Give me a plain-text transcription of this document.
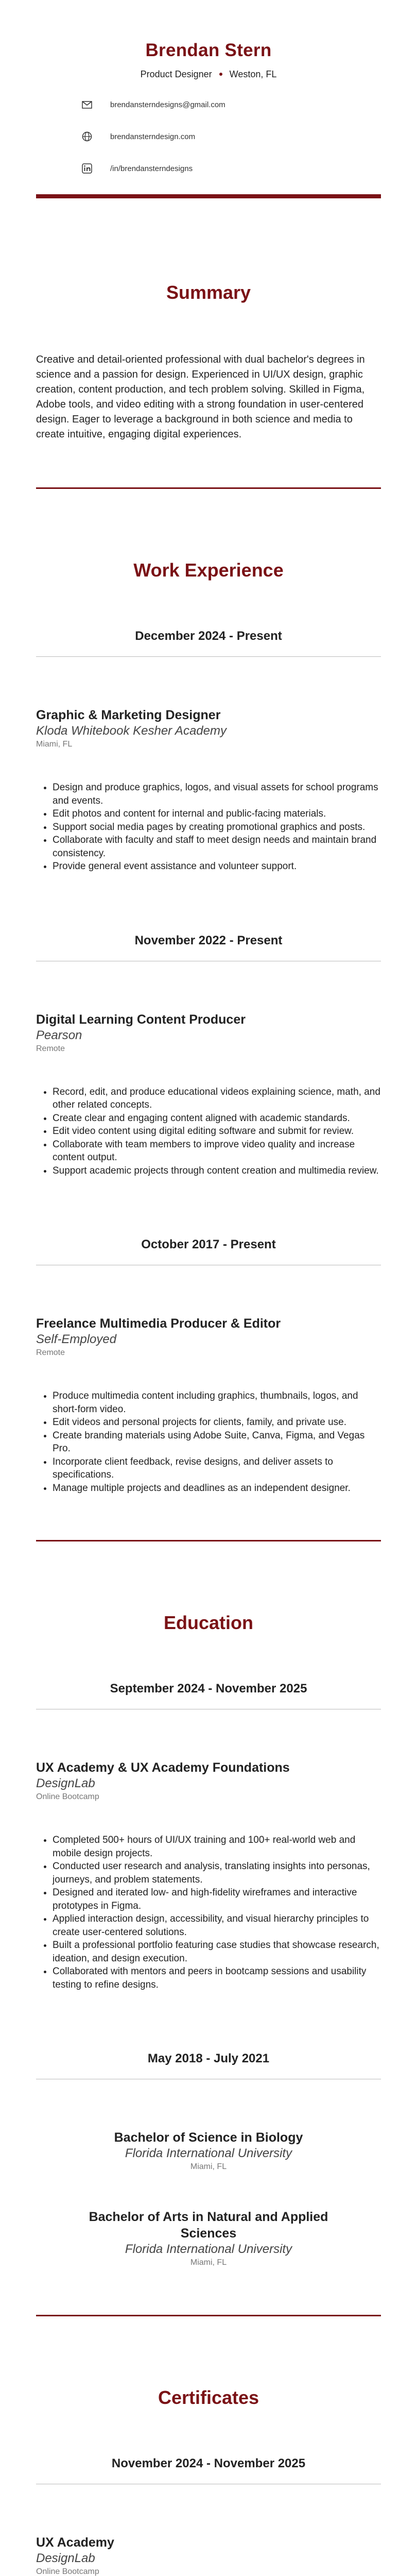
Brendan Stern
Product Designer Weston, FL
brendansterndesigns@gmail.com
brendansterndesign.com
/in/brendansterndesigns
Summary
Creative and detail-oriented professional with dual bachelor's degrees in science and a passion for design. Experienced in UI/UX design, graphic creation, content production, and tech problem solving. Skilled in Figma, Adobe tools, and video editing with a strong foundation in user-centered design. Eager to leverage a background in both science and media to create intuitive, engaging digital experiences.
Work Experience
December 2024 - Present
Graphic & Marketing Designer
Kloda Whitebook Kesher Academy
Miami, FL
• Design and produce graphics, logos, and visual assets for school programs and events.
• Edit photos and content for internal and public-facing materials.
• Support social media pages by creating promotional graphics and posts.
• Collaborate with faculty and staff to meet design needs and maintain brand consistency.
• Provide general event assistance and volunteer support.
November 2022 - Present
Digital Learning Content Producer
Pearson
Remote
• Record, edit, and produce educational videos explaining science, math, and other related concepts.
• Create clear and engaging content aligned with academic standards.
• Edit video content using digital editing software and submit for review.
• Collaborate with team members to improve video quality and increase content output.
• Support academic projects through content creation and multimedia review.
October 2017 - Present
Freelance Multimedia Producer & Editor
Self-Employed
Remote
• Produce multimedia content including graphics, thumbnails, logos, and short-form video.
• Edit videos and personal projects for clients, family, and private use.
• Create branding materials using Adobe Suite, Canva, Figma, and Vegas Pro.
• Incorporate client feedback, revise designs, and deliver assets to specifications.
• Manage multiple projects and deadlines as an independent designer.
Education
September 2024 - November 2025
UX Academy & UX Academy Foundations
DesignLab
Online Bootcamp
• Completed 500+ hours of UI/UX training and 100+ real-world web and mobile design projects.
• Conducted user research and analysis, translating insights into personas, journeys, and problem statements.
• Designed and iterated low- and high-fidelity wireframes and interactive prototypes in Figma.
• Applied interaction design, accessibility, and visual hierarchy principles to create user-centered solutions.
• Built a professional portfolio featuring case studies that showcase research, ideation, and design execution.
• Collaborated with mentors and peers in bootcamp sessions and usability testing to refine designs.
May 2018 - July 2021
Bachelor of Science in Biology
Florida International University
Miami, FL
Bachelor of Arts in Natural and Applied Sciences
Florida International University
Miami, FL
Certificates
November 2024 - November 2025
UX Academy
DesignLab
Online Bootcamp
